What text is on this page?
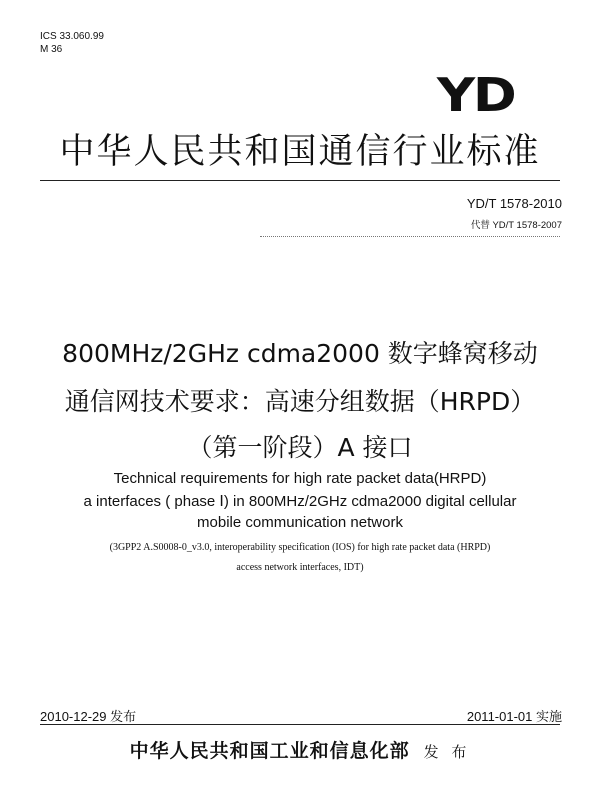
ICS 33.060.99
M 36
YD
中华人民共和国通信行业标准
YD/T 1578-2010
代替 YD/T 1578-2007
800MHz/2GHz cdma2000 数字蜂窝移动
通信网技术要求：高速分组数据（HRPD）
（第一阶段）A 接口
Technical requirements for high rate packet data(HRPD)
a interfaces ( phase Ⅰ) in 800MHz/2GHz cdma2000 digital cellular
mobile communication network
(3GPP2 A.S0008-0_v3.0, interoperability specification (IOS) for high rate packet data (HRPD)
access network interfaces, IDT)
2010-12-29 发布	2011-01-01 实施
中华人民共和国工业和信息化部 发 布
